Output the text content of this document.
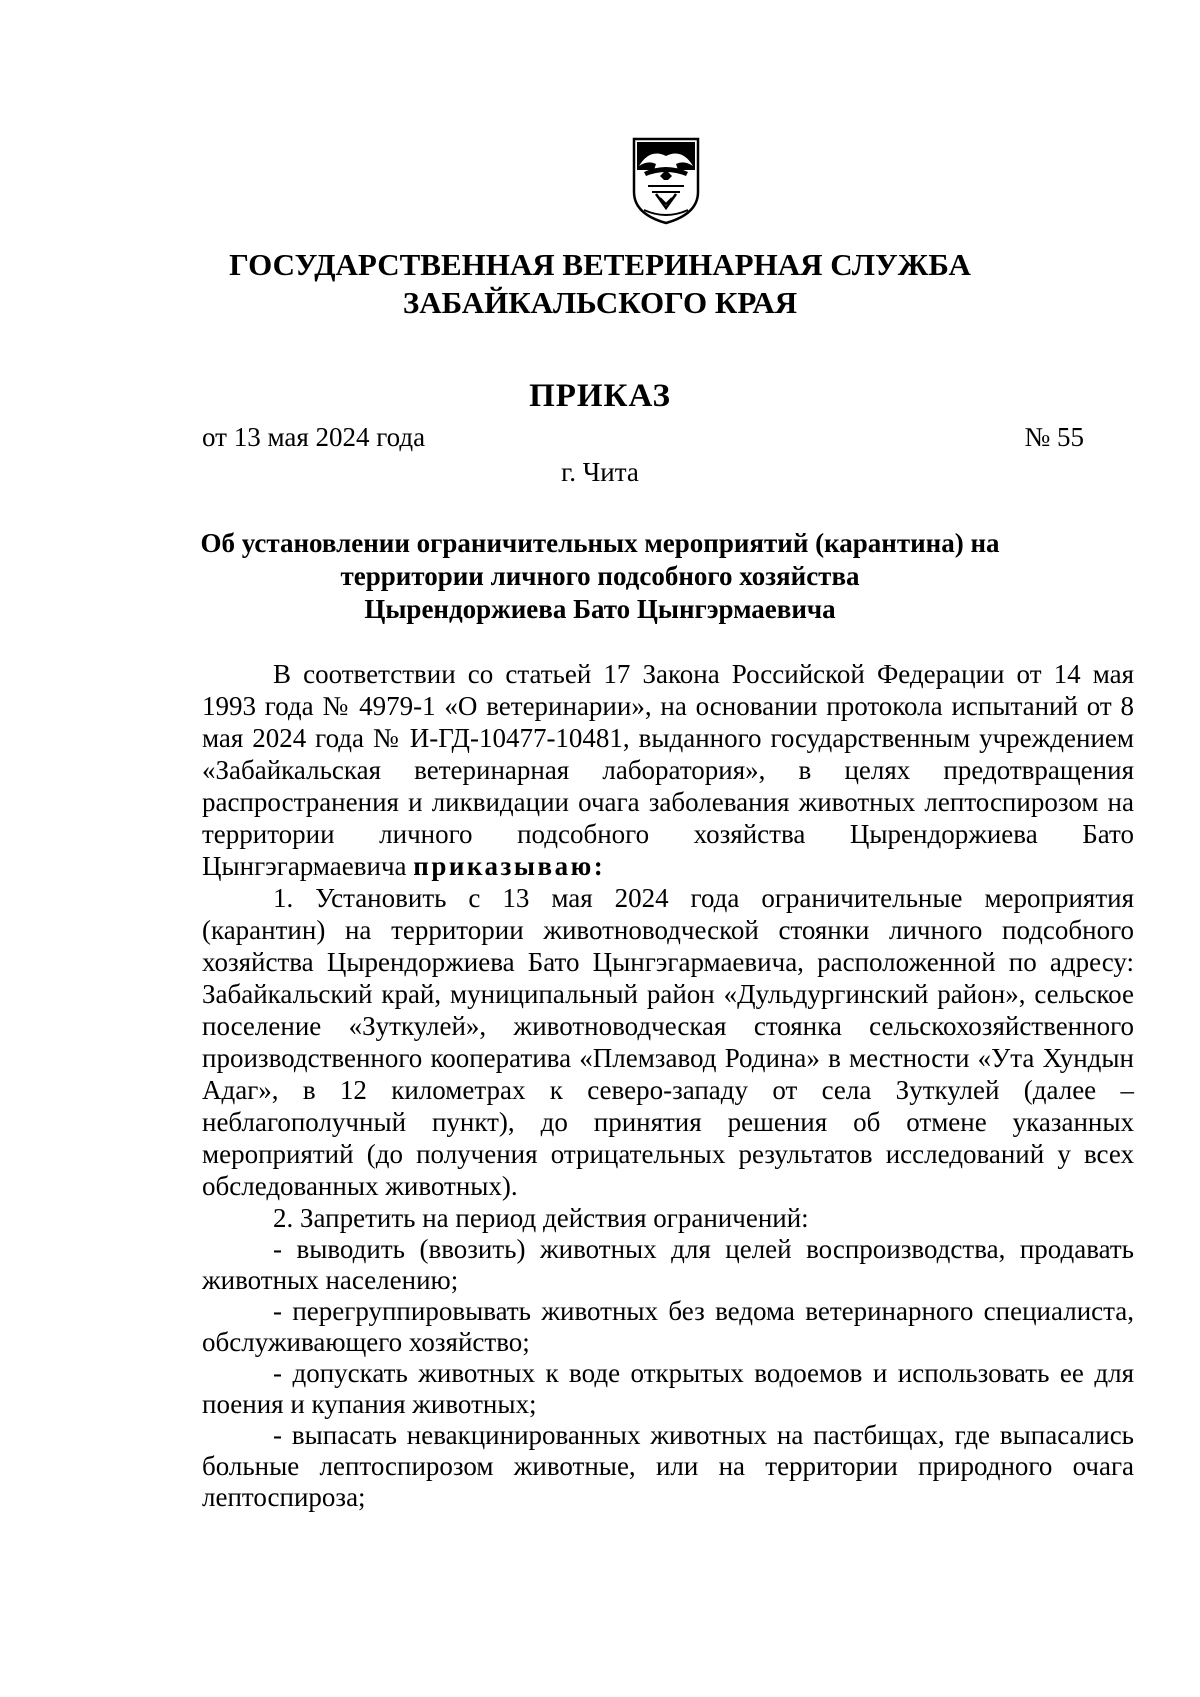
ГОСУДАРСТВЕННАЯ ВЕТЕРИНАРНАЯ СЛУЖБА
ЗАБАЙКАЛЬСКОГО КРАЯ
ПРИКАЗ
от 13 мая 2024 года	№ 55
г. Чита
Об установлении ограничительных мероприятий (карантина) на
территории личного подсобного хозяйства
Цырендоржиева Бато Цынгэрмаевича

В соответствии со статьей 17 Закона Российской Федерации от 14 мая 1993 года № 4979-1 «О ветеринарии», на основании протокола испытаний от 8 мая 2024 года № И-ГД-10477-10481, выданного государственным учреждением «Забайкальская ветеринарная лаборатория», в целях предотвращения распространения и ликвидации очага заболевания животных лептоспирозом на территории личного подсобного хозяйства Цырендоржиева Бато Цынгэгармаевича приказываю:

1. Установить с 13 мая 2024 года ограничительные мероприятия (карантин) на территории животноводческой стоянки личного подсобного хозяйства Цырендоржиева Бато Цынгэгармаевича, расположенной по адресу: Забайкальский край, муниципальный район «Дульдургинский район», сельское поселение «Зуткулей», животноводческая стоянка сельскохозяйственного производственного кооператива «Племзавод Родина» в местности «Ута Хундын Адаг», в 12 километрах к северо-западу от села Зуткулей (далее – неблагополучный пункт), до принятия решения об отмене указанных мероприятий (до получения отрицательных результатов исследований у всех обследованных животных).

2. Запретить на период действия ограничений:

- выводить (ввозить) животных для целей воспроизводства, продавать животных населению;

- перегруппировывать животных без ведома ветеринарного специалиста, обслуживающего хозяйство;

- допускать животных к воде открытых водоемов и использовать ее для поения и купания животных;

- выпасать невакцинированных животных на пастбищах, где выпасались больные лептоспирозом животные, или на территории природного очага лептоспироза;
